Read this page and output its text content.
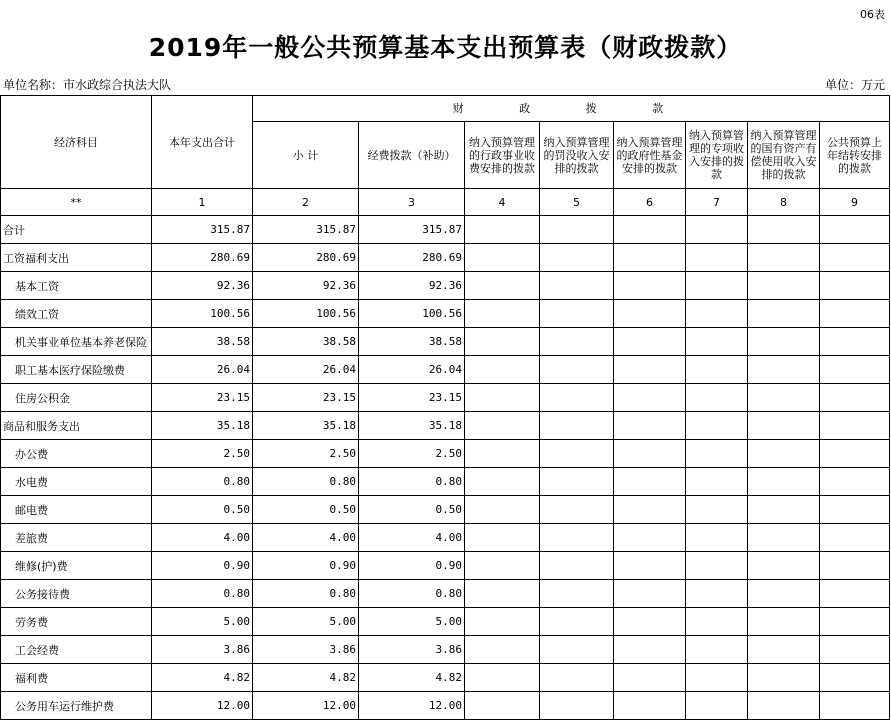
06表
2019年一般公共预算基本支出预算表（财政拨款）
单位名称：市水政综合执法大队	单位：万元
经济科目	本年支出合计	财 政 拨 款							
		小 计	经费拨款（补助）	纳入预算管理的行政事业收费安排的拨款	纳入预算管理的罚没收入安排的拨款	纳入预算管理的政府性基金安排的拨款	纳入预算管理的专项收入安排的拨款	纳入预算管理的国有资产有偿使用收入安排的拨款	公共预算上年结转安排的拨款
**	1	2	3	4	5	6	7	8	9
合计	315.87	315.87	315.87						
工资福利支出	280.69	280.69	280.69						
基本工资	92.36	92.36	92.36						
绩效工资	100.56	100.56	100.56						
机关事业单位基本养老保险	38.58	38.58	38.58						
职工基本医疗保险缴费	26.04	26.04	26.04						
住房公积金	23.15	23.15	23.15						
商品和服务支出	35.18	35.18	35.18						
办公费	2.50	2.50	2.50						
水电费	0.80	0.80	0.80						
邮电费	0.50	0.50	0.50						
差旅费	4.00	4.00	4.00						
维修(护)费	0.90	0.90	0.90						
公务接待费	0.80	0.80	0.80						
劳务费	5.00	5.00	5.00						
工会经费	3.86	3.86	3.86						
福利费	4.82	4.82	4.82						
公务用车运行维护费	12.00	12.00	12.00						
